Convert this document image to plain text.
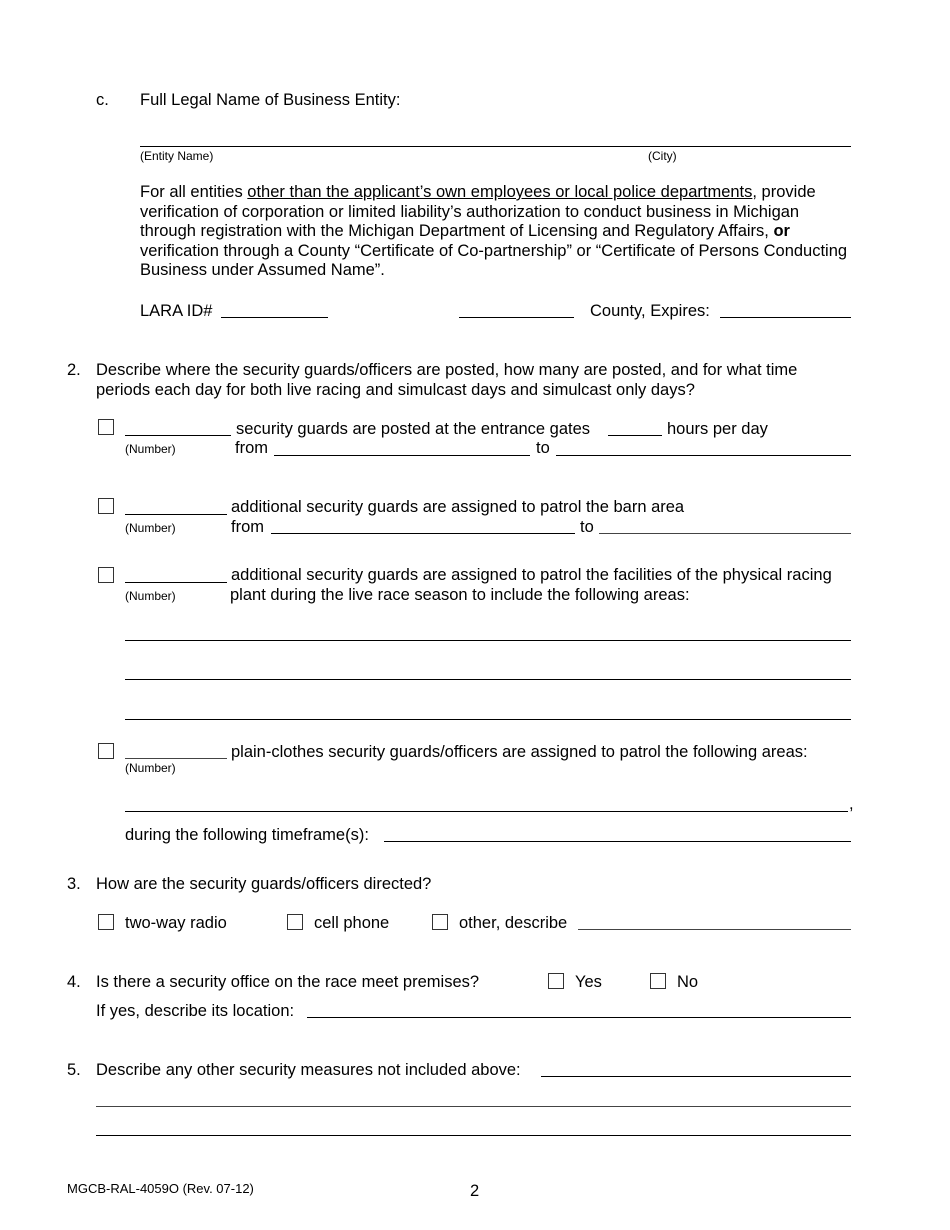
c. Full Legal Name of Business Entity:
(Entity Name)	(City)
For all entities other than the applicant’s own employees or local police departments, provide verification of corporation or limited liability’s authorization to conduct business in Michigan through registration with the Michigan Department of Licensing and Regulatory Affairs, or verification through a County “Certificate of Co-partnership” or “Certificate of Persons Conducting Business under Assumed Name”.
LARA ID#	County, Expires:
2. Describe where the security guards/officers are posted, how many are posted, and for what time
periods each day for both live racing and simulcast days and simulcast only days?
security guards are posted at the entrance gates	hours per day
(Number)	from	to
additional security guards are assigned to patrol the barn area
(Number)	from	to
additional security guards are assigned to patrol the facilities of the physical racing
(Number)	plant during the live race season to include the following areas:
plain-clothes security guards/officers are assigned to patrol the following areas:
(Number)
,
during the following timeframe(s):
3. How are the security guards/officers directed?
two-way radio	cell phone	other, describe
4. Is there a security office on the race meet premises?	Yes	No
If yes, describe its location:
5. Describe any other security measures not included above:
MGCB-RAL-4059O (Rev. 07-12)	2
